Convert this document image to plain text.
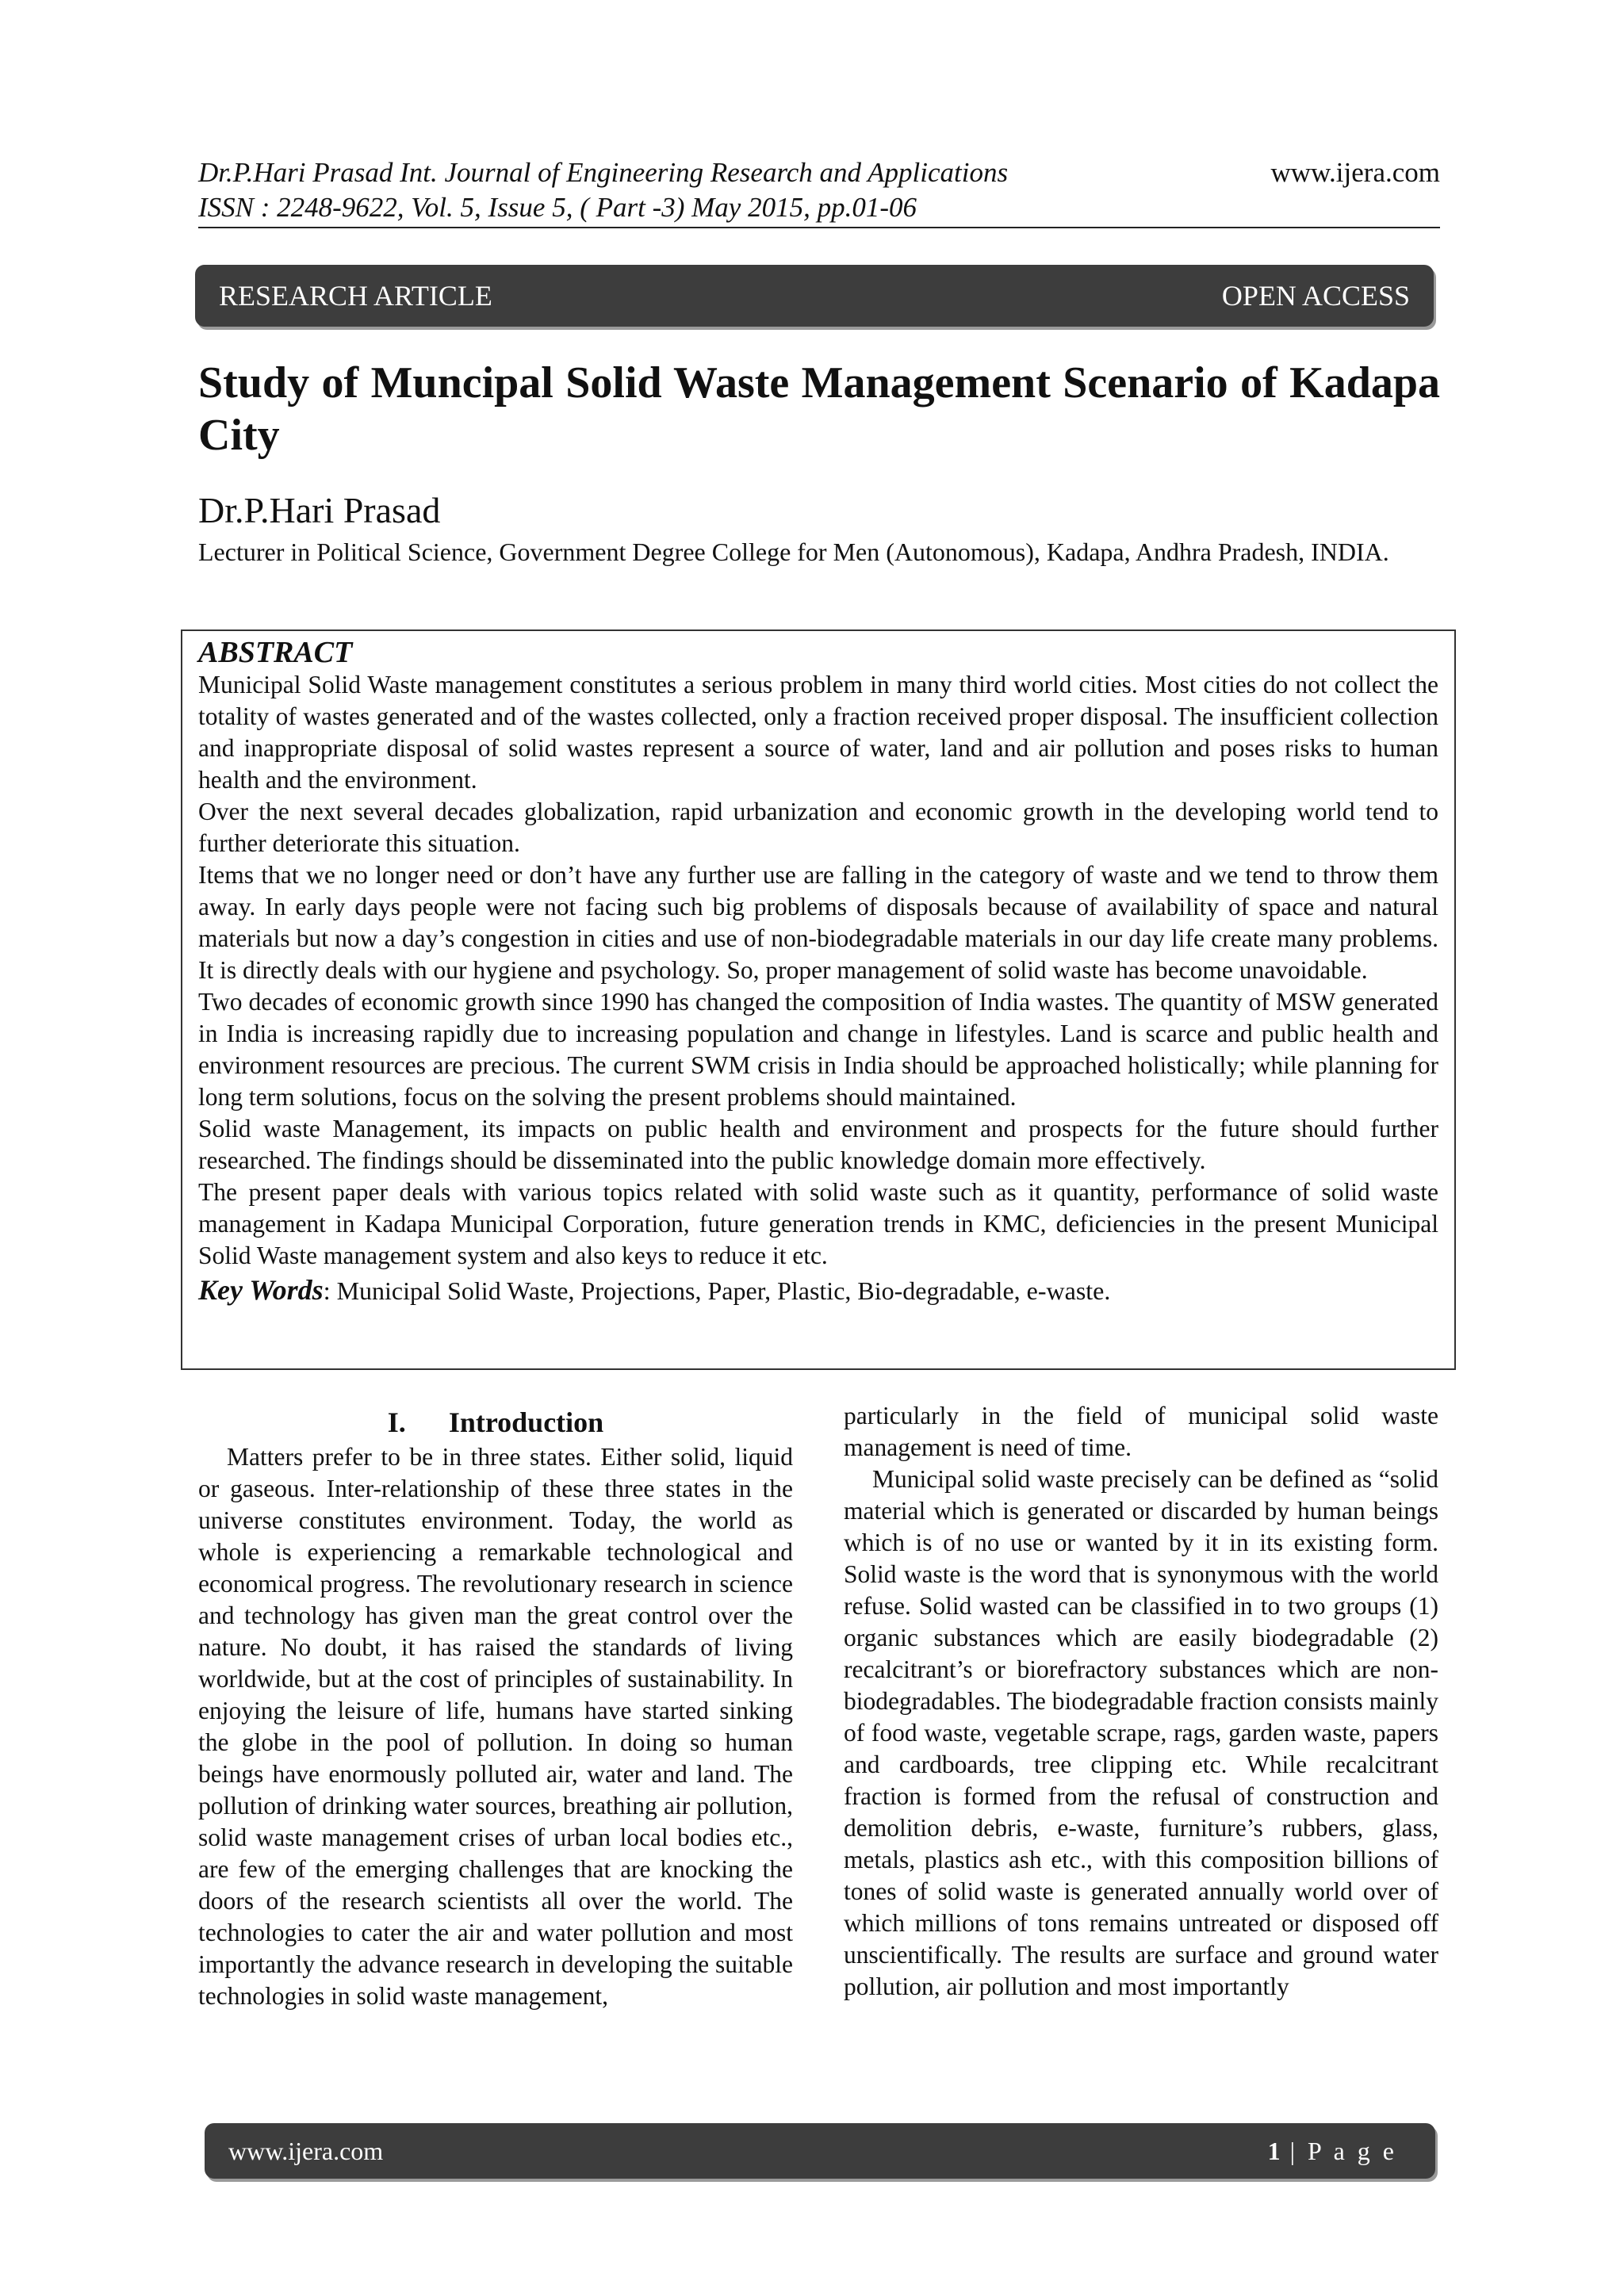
Dr.P.Hari Prasad Int. Journal of Engineering Research and Applications
ISSN : 2248-9622, Vol. 5, Issue 5, ( Part -3) May 2015, pp.01-06
www.ijera.com
RESEARCH ARTICLE	OPEN ACCESS
Study of Muncipal Solid Waste Management Scenario of Kadapa City
Dr.P.Hari Prasad
Lecturer in Political Science, Government Degree College for Men (Autonomous), Kadapa, Andhra Pradesh, INDIA.
ABSTRACT

Municipal Solid Waste management constitutes a serious problem in many third world cities. Most cities do not collect the totality of wastes generated and of the wastes collected, only a fraction received proper disposal. The insufficient collection and inappropriate disposal of solid wastes represent a source of water, land and air pollution and poses risks to human health and the environment.

Over the next several decades globalization, rapid urbanization and economic growth in the developing world tend to further deteriorate this situation.

Items that we no longer need or don’t have any further use are falling in the category of waste and we tend to throw them away. In early days people were not facing such big problems of disposals because of availability of space and natural materials but now a day’s congestion in cities and use of non-biodegradable materials in our day life create many problems. It is directly deals with our hygiene and psychology. So, proper management of solid waste has become unavoidable.

Two decades of economic growth since 1990 has changed the composition of India wastes. The quantity of MSW generated in India is increasing rapidly due to increasing population and change in lifestyles. Land is scarce and public health and environment resources are precious. The current SWM crisis in India should be approached holistically; while planning for long term solutions, focus on the solving the present problems should maintained.

Solid waste Management, its impacts on public health and environment and prospects for the future should further researched. The findings should be disseminated into the public knowledge domain more effectively.

The present paper deals with various topics related with solid waste such as it quantity, performance of solid waste management in Kadapa Municipal Corporation, future generation trends in KMC, deficiencies in the present Municipal Solid Waste management system and also keys to reduce it etc.

Key Words: Municipal Solid Waste, Projections, Paper, Plastic, Bio-degradable, e-waste.

I. Introduction

Matters prefer to be in three states. Either solid, liquid or gaseous. Inter-relationship of these three states in the universe constitutes environment. Today, the world as whole is experiencing a remarkable technological and economical progress. The revolutionary research in science and technology has given man the great control over the nature. No doubt, it has raised the standards of living worldwide, but at the cost of principles of sustainability. In enjoying the leisure of life, humans have started sinking the globe in the pool of pollution. In doing so human beings have enormously polluted air, water and land. The pollution of drinking water sources, breathing air pollution, solid waste management crises of urban local bodies etc., are few of the emerging challenges that are knocking the doors of the research scientists all over the world. The technologies to cater the air and water pollution and most importantly the advance research in developing the suitable technologies in solid waste management,

particularly in the field of municipal solid waste management is need of time.

Municipal solid waste precisely can be defined as “solid material which is generated or discarded by human beings which is of no use or wanted by it in its existing form. Solid waste is the word that is synonymous with the world refuse. Solid wasted can be classified in to two groups (1) organic substances which are easily biodegradable (2) recalcitrant’s or biorefractory substances which are non-biodegradables. The biodegradable fraction consists mainly of food waste, vegetable scrape, rags, garden waste, papers and cardboards, tree clipping etc. While recalcitrant fraction is formed from the refusal of construction and demolition debris, e-waste, furniture’s rubbers, glass, metals, plastics ash etc., with this composition billions of tones of solid waste is generated annually world over of which millions of tons remains untreated or disposed off unscientifically. The results are surface and ground water pollution, air pollution and most importantly

www.ijera.com	1 | P a g e
